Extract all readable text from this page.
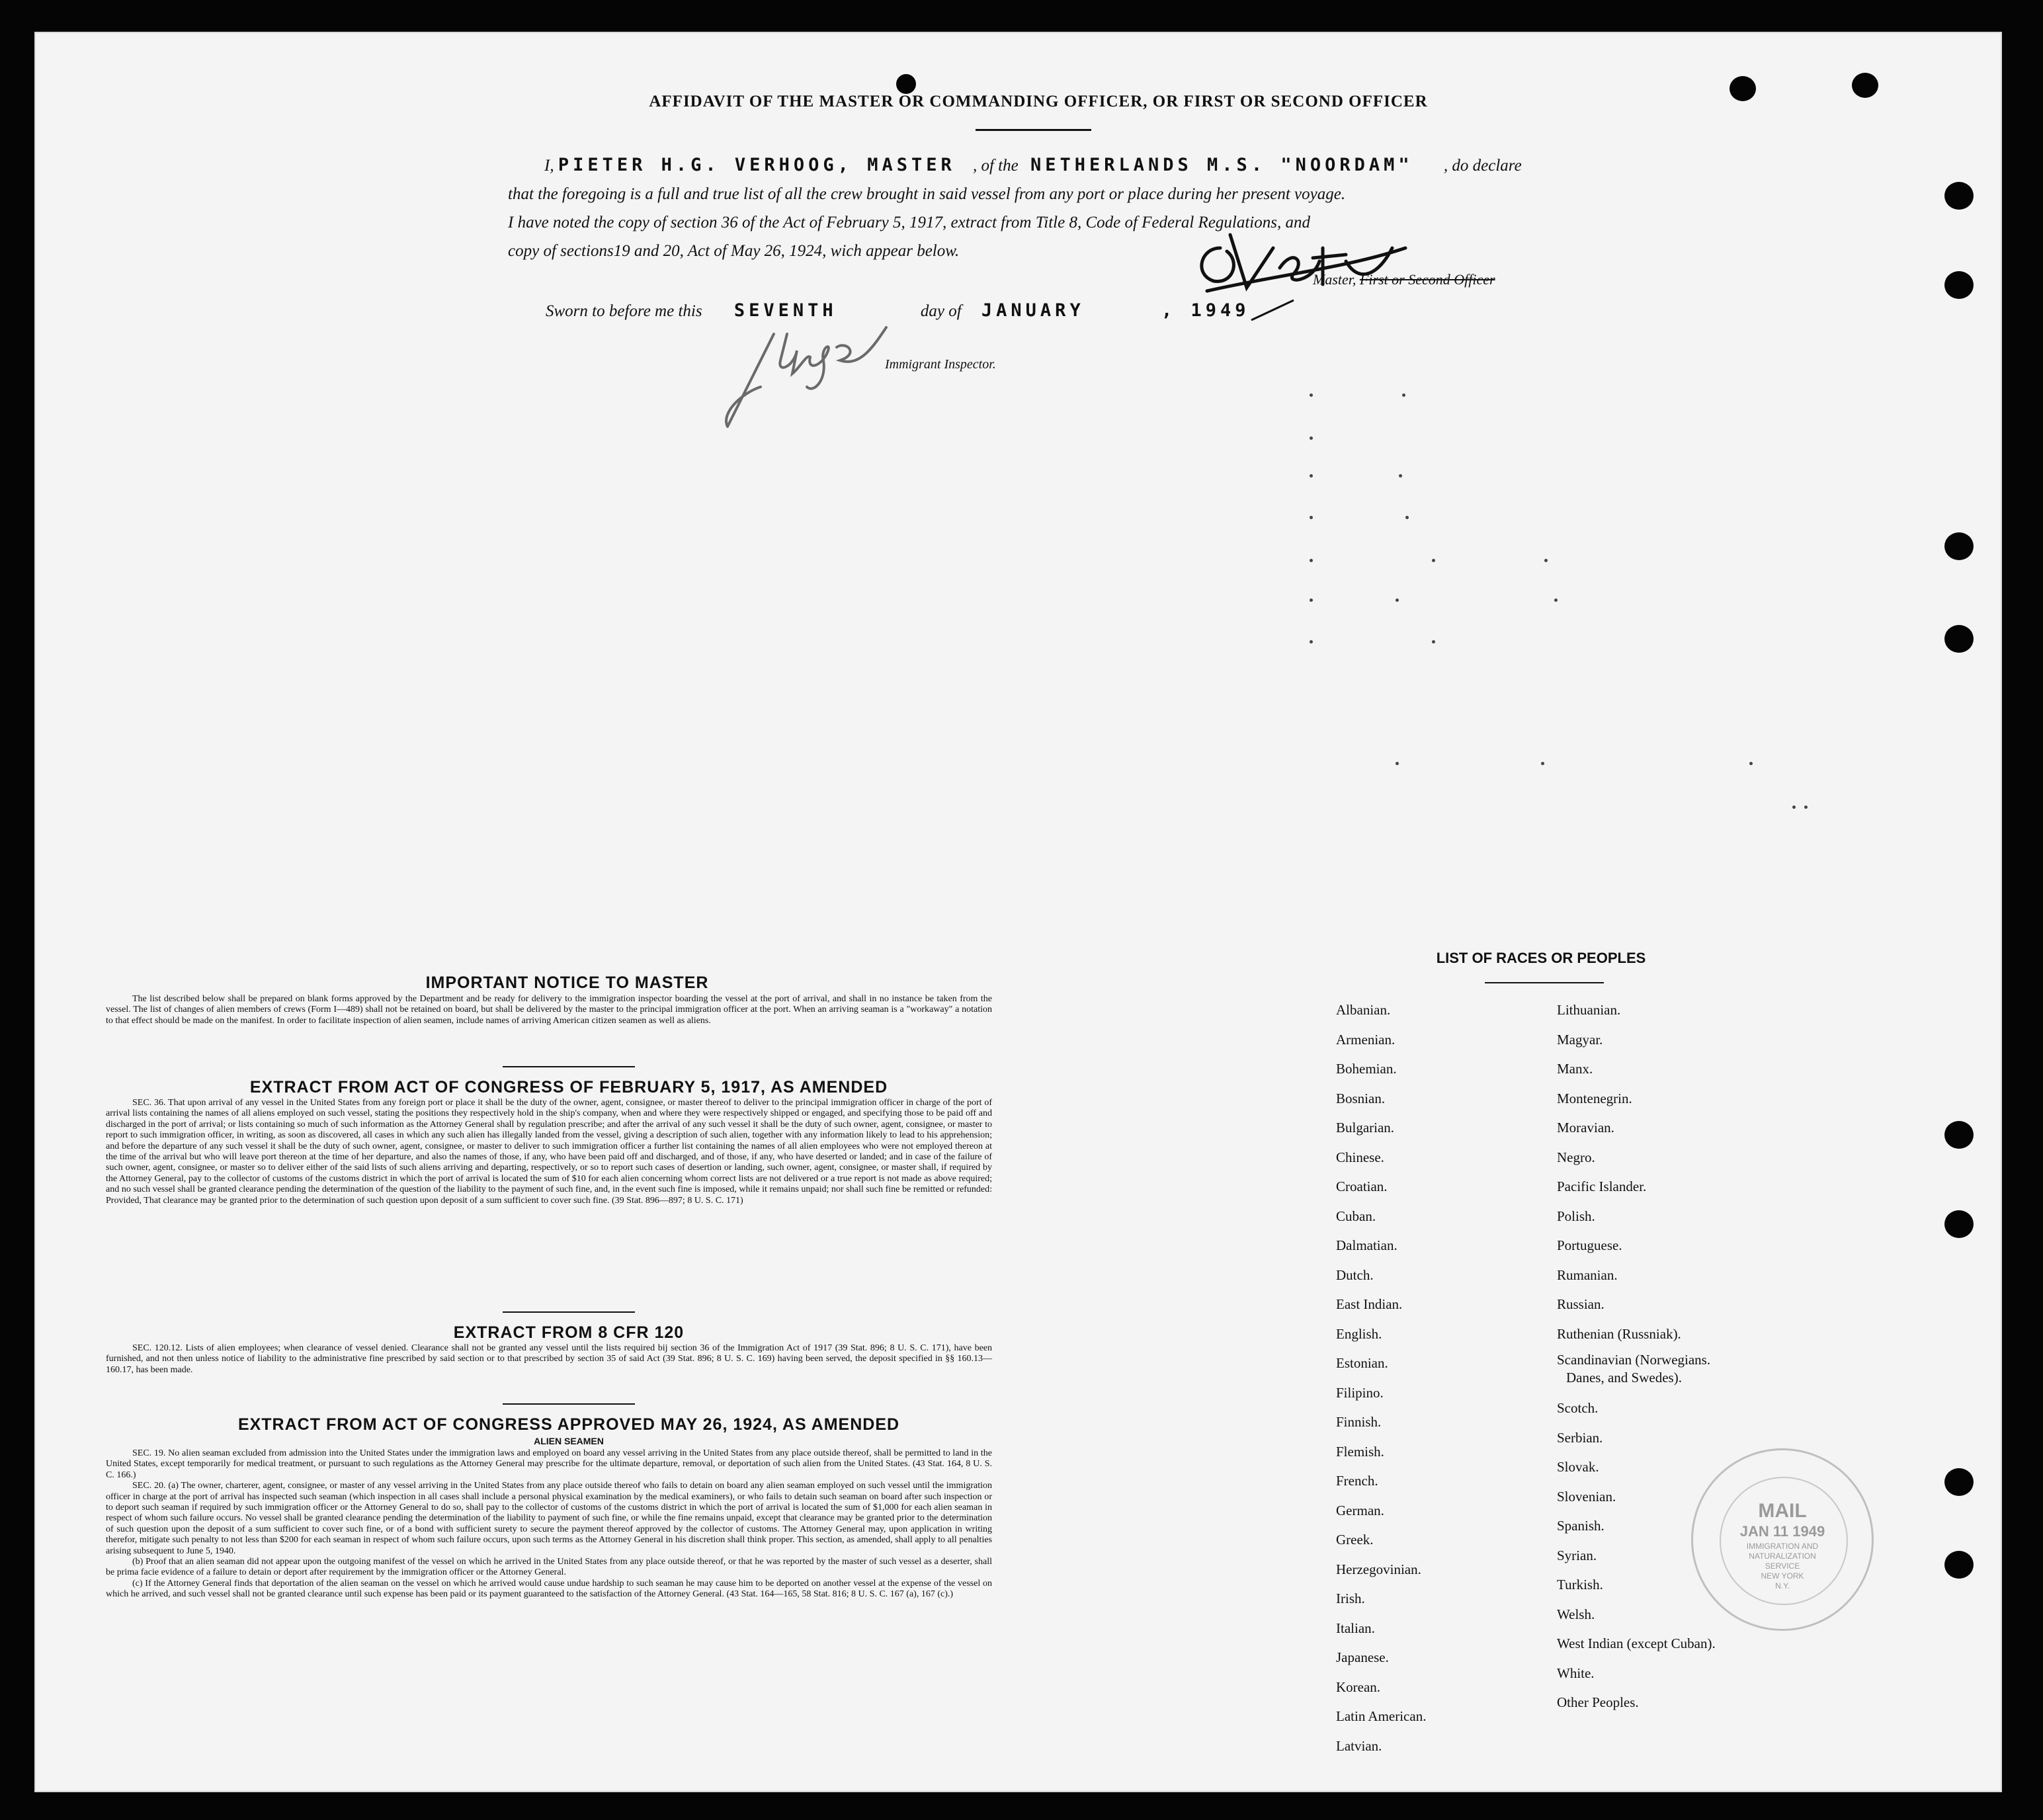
AFFIDAVIT OF THE MASTER OR COMMANDING OFFICER, OR FIRST OR SECOND OFFICER
I, PIETER H.G. VERHOOG, MASTER , of the NETHERLANDS M.S. "NOORDAM" , do declare
that the foregoing is a full and true list of all the crew brought in said vessel from any port or place during her present voyage.
I have noted the copy of section 36 of the Act of February 5, 1917, extract from Title 8, Code of Federal Regulations, and
copy of sections19 and 20, Act of May 26, 1924, wich appear below.
Master, First or Second Officer
Sworn to before me this SEVENTH	day of JANUARY	, 1949
Immigrant Inspector.
IMPORTANT NOTICE TO MASTER

The list described below shall be prepared on blank forms approved by the Department and be ready for delivery to the immigration inspector boarding the vessel at the port of arrival, and shall in no instance be taken from the vessel. The list of changes of alien members of crews (Form I—489) shall not be retained on board, but shall be delivered by the master to the principal immigration officer at the port. When an arriving seaman is a "workaway" a notation to that effect should be made on the manifest. In order to facilitate inspection of alien seamen, include names of arriving American citizen seamen as well as aliens.

EXTRACT FROM ACT OF CONGRESS OF FEBRUARY 5, 1917, AS AMENDED

SEC. 36. That upon arrival of any vessel in the United States from any foreign port or place it shall be the duty of the owner, agent, consignee, or master thereof to deliver to the principal immigration officer in charge of the port of arrival lists containing the names of all aliens employed on such vessel, stating the positions they respectively hold in the ship's company, when and where they were respectively shipped or engaged, and specifying those to be paid off and discharged in the port of arrival; or lists containing so much of such information as the Attorney General shall by regulation prescribe; and after the arrival of any such vessel it shall be the duty of such owner, agent, consignee, or master to report to such immigration officer, in writing, as soon as discovered, all cases in which any such alien has illegally landed from the vessel, giving a description of such alien, together with any information likely to lead to his apprehension; and before the departure of any such vessel it shall be the duty of such owner, agent, consignee, or master to deliver to such immigration officer a further list containing the names of all alien employees who were not employed thereon at the time of the arrival but who will leave port thereon at the time of her departure, and also the names of those, if any, who have been paid off and discharged, and of those, if any, who have deserted or landed; and in case of the failure of such owner, agent, consignee, or master so to deliver either of the said lists of such aliens arriving and departing, respectively, or so to report such cases of desertion or landing, such owner, agent, consignee, or master shall, if required by the Attorney General, pay to the collector of customs of the customs district in which the port of arrival is located the sum of $10 for each alien concerning whom correct lists are not delivered or a true report is not made as above required; and no such vessel shall be granted clearance pending the determination of the question of the liability to the payment of such fine, and, in the event such fine is imposed, while it remains unpaid; nor shall such fine be remitted or refunded: Provided, That clearance may be granted prior to the determination of such question upon deposit of a sum sufficient to cover such fine. (39 Stat. 896—897; 8 U. S. C. 171)

EXTRACT FROM 8 CFR 120

SEC. 120.12. Lists of alien employees; when clearance of vessel denied. Clearance shall not be granted any vessel until the lists required bij section 36 of the Immigration Act of 1917 (39 Stat. 896; 8 U. S. C. 171), have been furnished, and not then unless notice of liability to the administrative fine prescribed by said section or to that prescribed by section 35 of said Act (39 Stat. 896; 8 U. S. C. 169) having been served, the deposit specified in §§ 160.13—160.17, has been made.

EXTRACT FROM ACT OF CONGRESS APPROVED MAY 26, 1924, AS AMENDED
ALIEN SEAMEN

SEC. 19. No alien seaman excluded from admission into the United States under the immigration laws and employed on board any vessel arriving in the United States from any place outside thereof, shall be permitted to land in the United States, except temporarily for medical treatment, or pursuant to such regulations as the Attorney General may prescribe for the ultimate departure, removal, or deportation of such alien from the United States. (43 Stat. 164, 8 U. S. C. 166.)

SEC. 20. (a) The owner, charterer, agent, consignee, or master of any vessel arriving in the United States from any place outside thereof who fails to detain on board any alien seaman employed on such vessel until the immigration officer in charge at the port of arrival has inspected such seaman (which inspection in all cases shall include a personal physical examination by the medical examiners), or who fails to detain such seaman on board after such inspection or to deport such seaman if required by such immigration officer or the Attorney General to do so, shall pay to the collector of customs of the customs district in which the port of arrival is located the sum of $1,000 for each alien seaman in respect of whom such failure occurs. No vessel shall be granted clearance pending the determination of the liability to payment of such fine, or while the fine remains unpaid, except that clearance may be granted prior to the determination of such question upon the deposit of a sum sufficient to cover such fine, or of a bond with sufficient surety to secure the payment thereof approved by the collector of customs. The Attorney General may, upon application in writing therefor, mitigate such penalty to not less than $200 for each seaman in respect of whom such failure occurs, upon such terms as the Attorney General in his discretion shall think proper. This section, as amended, shall apply to all penalties arising subsequent to June 5, 1940.

(b) Proof that an alien seaman did not appear upon the outgoing manifest of the vessel on which he arrived in the United States from any place outside thereof, or that he was reported by the master of such vessel as a deserter, shall be prima facie evidence of a failure to detain or deport after requirement by the immigration officer or the Attorney General.

(c) If the Attorney General finds that deportation of the alien seaman on the vessel on which he arrived would cause undue hardship to such seaman he may cause him to be deported on another vessel at the expense of the vessel on which he arrived, and such vessel shall not be granted clearance until such expense has been paid or its payment guaranteed to the satisfaction of the Attorney General. (43 Stat. 164—165, 58 Stat. 816; 8 U. S. C. 167 (a), 167 (c).)

LIST OF RACES OR PEOPLES
Albanian.
Armenian.
Bohemian.
Bosnian.
Bulgarian.
Chinese.
Croatian.
Cuban.
Dalmatian.
Dutch.
East Indian.
English.
Estonian.
Filipino.
Finnish.
Flemish.
French.
German.
Greek.
Herzegovinian.
Irish.
Italian.
Japanese.
Korean.
Latin American.
Latvian.
Lithuanian.
Magyar.
Manx.
Montenegrin.
Moravian.
Negro.
Pacific Islander.
Polish.
Portuguese.
Rumanian.
Russian.
Ruthenian (Russniak).
Scandinavian (Norwegians.
Danes, and Swedes).
Scotch.
Serbian.
Slovak.
Slovenian.
Spanish.
Syrian.
Turkish.
Welsh.
West Indian (except Cuban).
White.
Other Peoples.
MAIL
JAN 11 1949
IMMIGRATION AND
NATURALIZATION
SERVICE
NEW YORK
N.Y.
